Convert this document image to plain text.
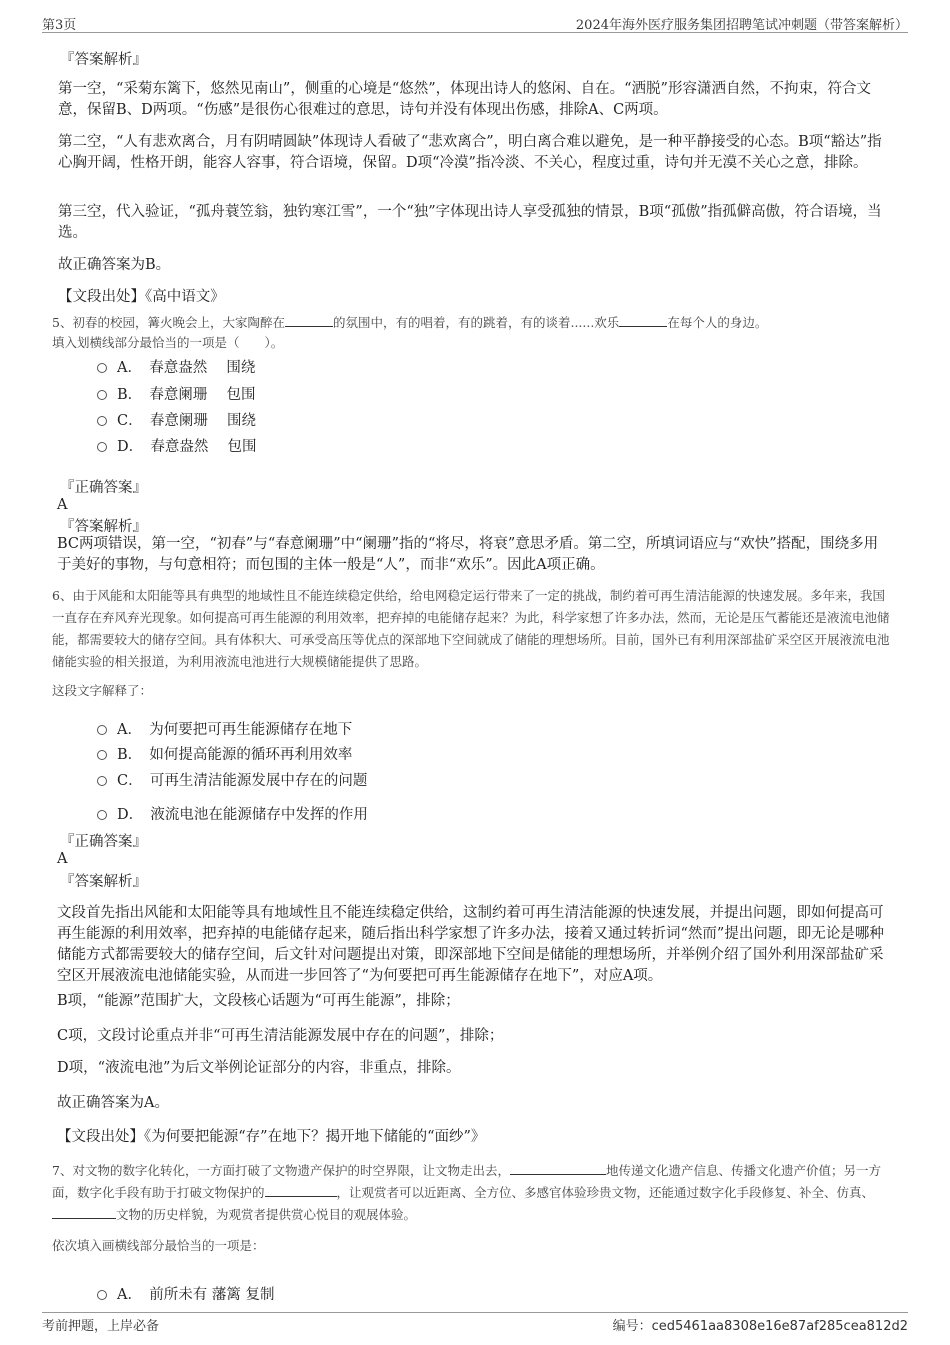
第3页	2024年海外医疗服务集团招聘笔试冲刺题（带答案解析）

『答案解析』

第一空，“采菊东篱下，悠然见南山”，侧重的心境是“悠然”，体现出诗人的悠闲、自在。“洒脱”形容潇洒自然，不拘束，符合文意，保留B、D两项。“伤感”是很伤心很难过的意思，诗句并没有体现出伤感，排除A、C两项。

第二空，“人有悲欢离合，月有阴晴圆缺”体现诗人看破了“悲欢离合”，明白离合难以避免，是一种平静接受的心态。B项“豁达”指心胸开阔，性格开朗，能容人容事，符合语境，保留。D项“冷漠”指冷淡、不关心，程度过重，诗句并无漠不关心之意，排除。

第三空，代入验证，“孤舟蓑笠翁，独钓寒江雪”，一个“独”字体现出诗人享受孤独的情景，B项“孤傲”指孤僻高傲，符合语境，当选。

故正确答案为B。

【文段出处】《高中语文》

5、初春的校园，篝火晚会上，大家陶醉在	的氛围中，有的唱着，有的跳着，有的谈着......欢乐	在每个人的身边。

填入划横线部分最恰当的一项是（　　）。

A．　春意盎然　 围绕
B．　春意阑珊　 包围
C．　春意阑珊　 围绕
D．　春意盎然　 包围

『正确答案』

A

『答案解析』

BC两项错误，第一空，“初春”与“春意阑珊”中“阑珊”指的“将尽，将衰”意思矛盾。第二空，所填词语应与“欢快”搭配，围绕多用于美好的事物，与句意相符；而包围的主体一般是“人”，而非“欢乐”。因此A项正确。

6、由于风能和太阳能等具有典型的地域性且不能连续稳定供给，给电网稳定运行带来了一定的挑战，制约着可再生清洁能源的快速发展。多年来，我国一直存在弃风弃光现象。如何提高可再生能源的利用效率，把弃掉的电能储存起来？为此，科学家想了许多办法，然而，无论是压气蓄能还是液流电池储能，都需要较大的储存空间。具有体积大、可承受高压等优点的深部地下空间就成了储能的理想场所。目前，国外已有利用深部盐矿采空区开展液流电池储能实验的相关报道，为利用液流电池进行大规模储能提供了思路。

这段文字解释了：

A．　为何要把可再生能源储存在地下
B．　如何提高能源的循环再利用效率
C．　可再生清洁能源发展中存在的问题
D．　液流电池在能源储存中发挥的作用

『正确答案』

A

『答案解析』

文段首先指出风能和太阳能等具有地域性且不能连续稳定供给，这制约着可再生清洁能源的快速发展，并提出问题，即如何提高可再生能源的利用效率，把弃掉的电能储存起来，随后指出科学家想了许多办法，接着又通过转折词“然而”提出问题，即无论是哪种储能方式都需要较大的储存空间，后文针对问题提出对策，即深部地下空间是储能的理想场所，并举例介绍了国外利用深部盐矿采空区开展液流电池储能实验，从而进一步回答了“为何要把可再生能源储存在地下”，对应A项。

B项，“能源”范围扩大，文段核心话题为“可再生能源”，排除；

C项，文段讨论重点并非“可再生清洁能源发展中存在的问题”，排除；

D项，“液流电池”为后文举例论证部分的内容，非重点，排除。

故正确答案为A。

【文段出处】《为何要把能源“存”在地下？揭开地下储能的“面纱”》

7、对文物的数字化转化，一方面打破了文物遗产保护的时空界限，让文物走出去，	地传递文化遗产信息、传播文化遗产价值；另一方面，数字化手段有助于打破文物保护的	，让观赏者可以近距离、全方位、多感官体验珍贵文物，还能通过数字化手段修复、补全、仿真、文物的历史样貌，为观赏者提供赏心悦目的观展体验。

依次填入画横线部分最恰当的一项是：

A．　前所未有 藩篱 复制
考前押题，上岸必备	编号：ced5461aa8308e16e87af285cea812d2
